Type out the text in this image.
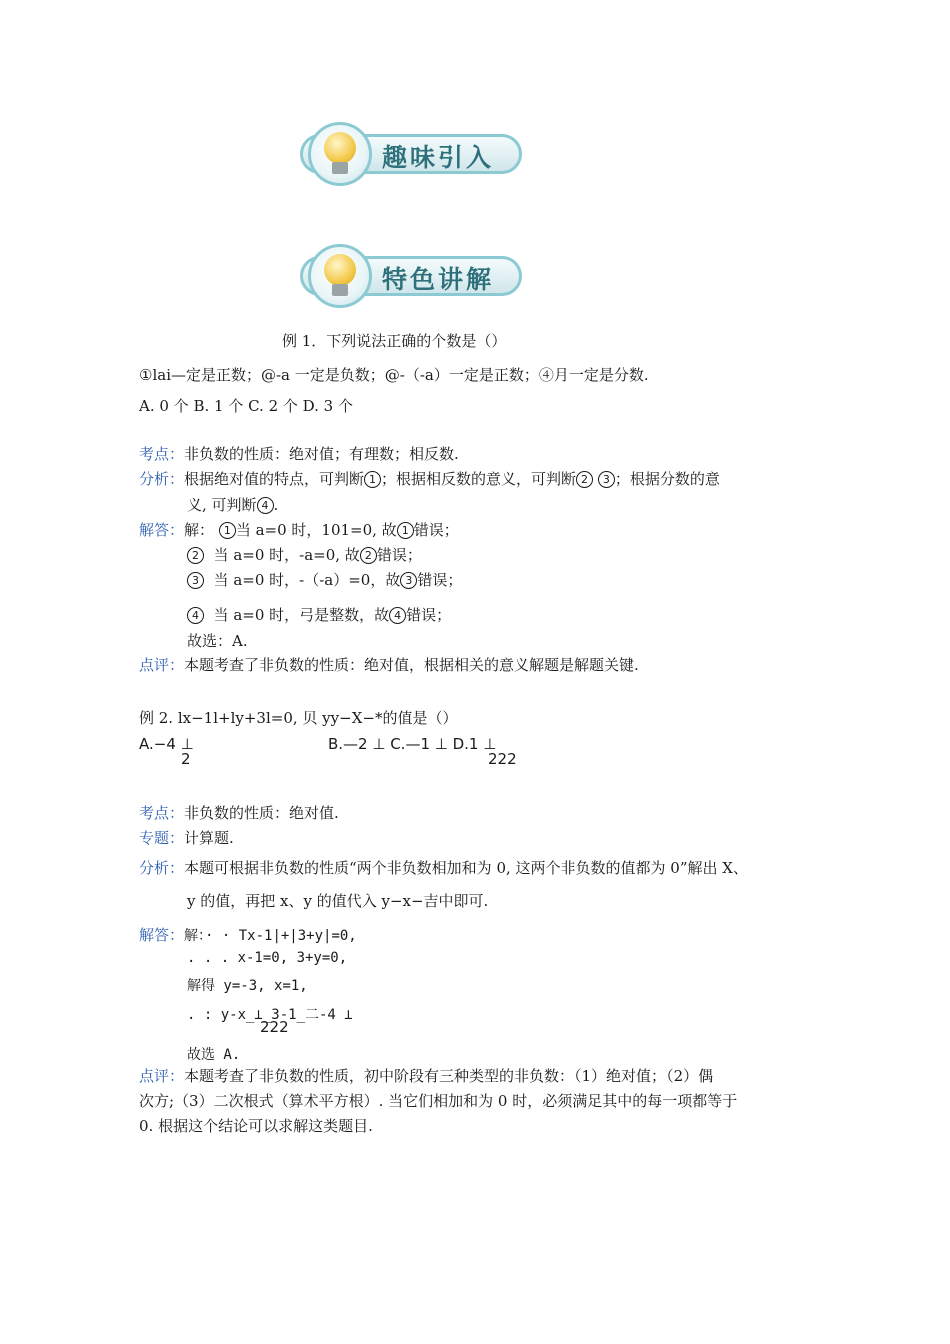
趣味引入
特色讲解
例 1．下列说法正确的个数是（）
①lai—定是正数；@-a 一定是负数；@-（-a）一定是正数；④月一定是分数.
A. 0 个 B. 1 个 C. 2 个 D. 3 个
考点：非负数的性质：绝对值；有理数；相反数.
分析：根据绝对值的特点，可判断 1 ；根据相反数的意义，可判断 2 3 ；根据分数的意
义, 可判断 4 .
解答：解： 1 当 a=0 时，101=0, 故 1 错误；
2 当 a=0 时，-a=0, 故 2 错误；
3 当 a=0 时，-（-a）=0，故 3 错误；
4 当 a=0 时，弓是整数，故 4 错误；
故选：A.
点评：本题考查了非负数的性质：绝对值，根据相关的意义解题是解题关键.
例 2. lx−1l+ly+3l=0, 贝 yy−X−*的值是（）
A.−4 ⊥
2
B.—2 ⊥ C.—1 ⊥ D.1 ⊥
222
考点：非负数的性质：绝对值.
专题：计算题.
分析：本题可根据非负数的性质“两个非负数相加和为 0, 这两个非负数的值都为 0”解出 X、
y 的值，再把 x、y 的值代入 y−x−吉中即可.
解答：解：· · Tx-1|+|3+y|=0,
. . . x-1=0, 3+y=0,
解得 y=-3, x=1,
. : y-x_⊥_3-1_二-4 ⊥
222
故选 A.
点评：本题考查了非负数的性质，初中阶段有三种类型的非负数：（1）绝对值；（2）偶
次方;（3）二次根式（算术平方根）. 当它们相加和为 0 时，必须满足其中的每一项都等于
0. 根据这个结论可以求解这类题目.
